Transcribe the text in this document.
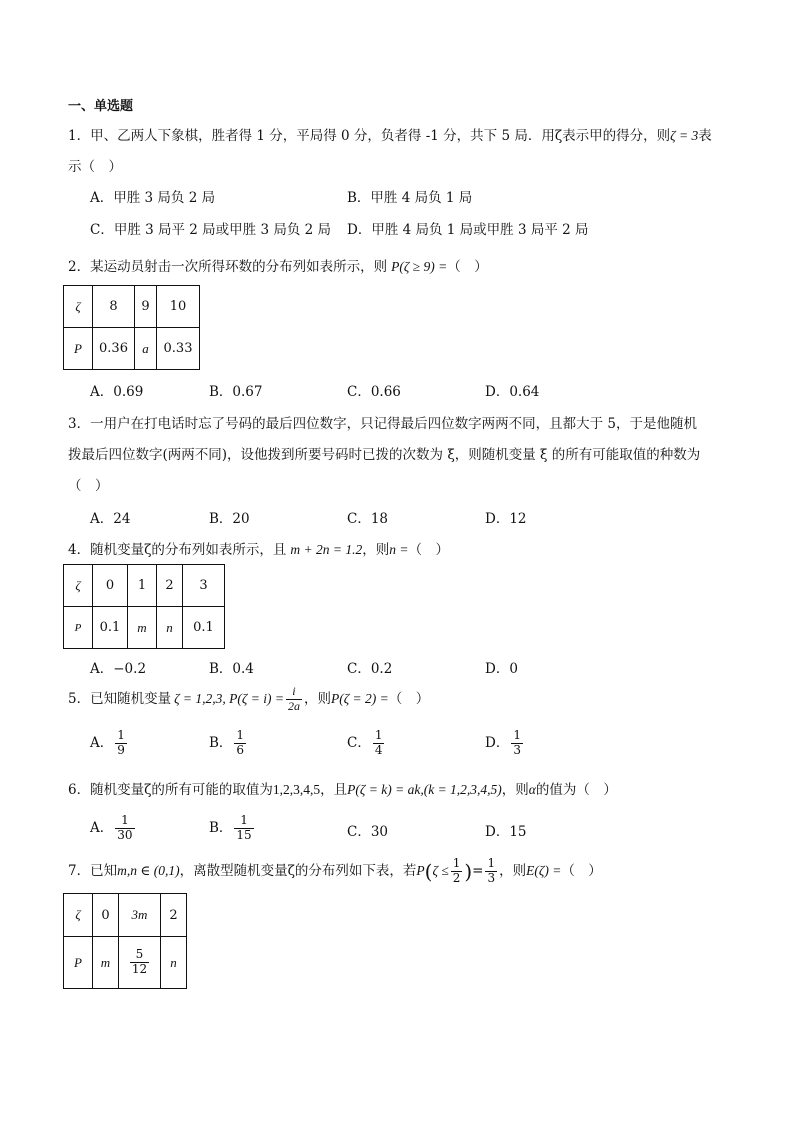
一、单选题
1．甲、乙两人下象棋，胜者得 1 分，平局得 0 分，负者得 -1 分，共下 5 局．用ζ表示甲的得分，则ζ = 3表
示（　）
A．甲胜 3 局负 2 局	B．甲胜 4 局负 1 局
C．甲胜 3 局平 2 局或甲胜 3 局负 2 局 D．甲胜 4 局负 1 局或甲胜 3 局平 2 局
2．某运动员射击一次所得环数的分布列如表所示，则 P(ζ ≥ 9) =（　）
ζ	8	9	10
P	0.36	a	0.33
A．0.69	B．0.67	C．0.66	D．0.64
3．一用户在打电话时忘了号码的最后四位数字，只记得最后四位数字两两不同，且都大于 5，于是他随机
拨最后四位数字(两两不同)，设他拨到所要号码时已拨的次数为 ξ，则随机变量 ξ 的所有可能取值的种数为
（　）
A．24	B．20	C．18	D．12
4．随机变量ζ的分布列如表所示，且 m + 2n = 1.2，则n =（　）
ζ	0	1	2	3
P	0.1	m	n	0.1
A．−0.2	B．0.4	C．0.2	D．0
5．已知随机变量 ζ = 1,2,3, $P(\zeta = i) = \frac{i}{2a}$ ，则P(ζ = 2) =（　）
A． $\frac{1}{9}$	B． $\frac{1}{6}$	C． $\frac{1}{4}$	D． $\frac{1}{3}$
6．随机变量ζ的所有可能的取值为1,2,3,4,5，且P(ζ = k) = ak,(k = 1,2,3,4,5)，则α的值为（　）
A． $\frac{1}{30}$	B． $\frac{1}{15}$	C．30	D．15
7．已知m,n ∈ (0,1)，离散型随机变量ζ的分布列如下表，若$P(\zeta \le \frac{1}{2}$ )= $\frac{1}{3}$ ，则E(ζ) =（　）
ζ	0	3m	2
P	m	$\frac{5}{12}$	n
